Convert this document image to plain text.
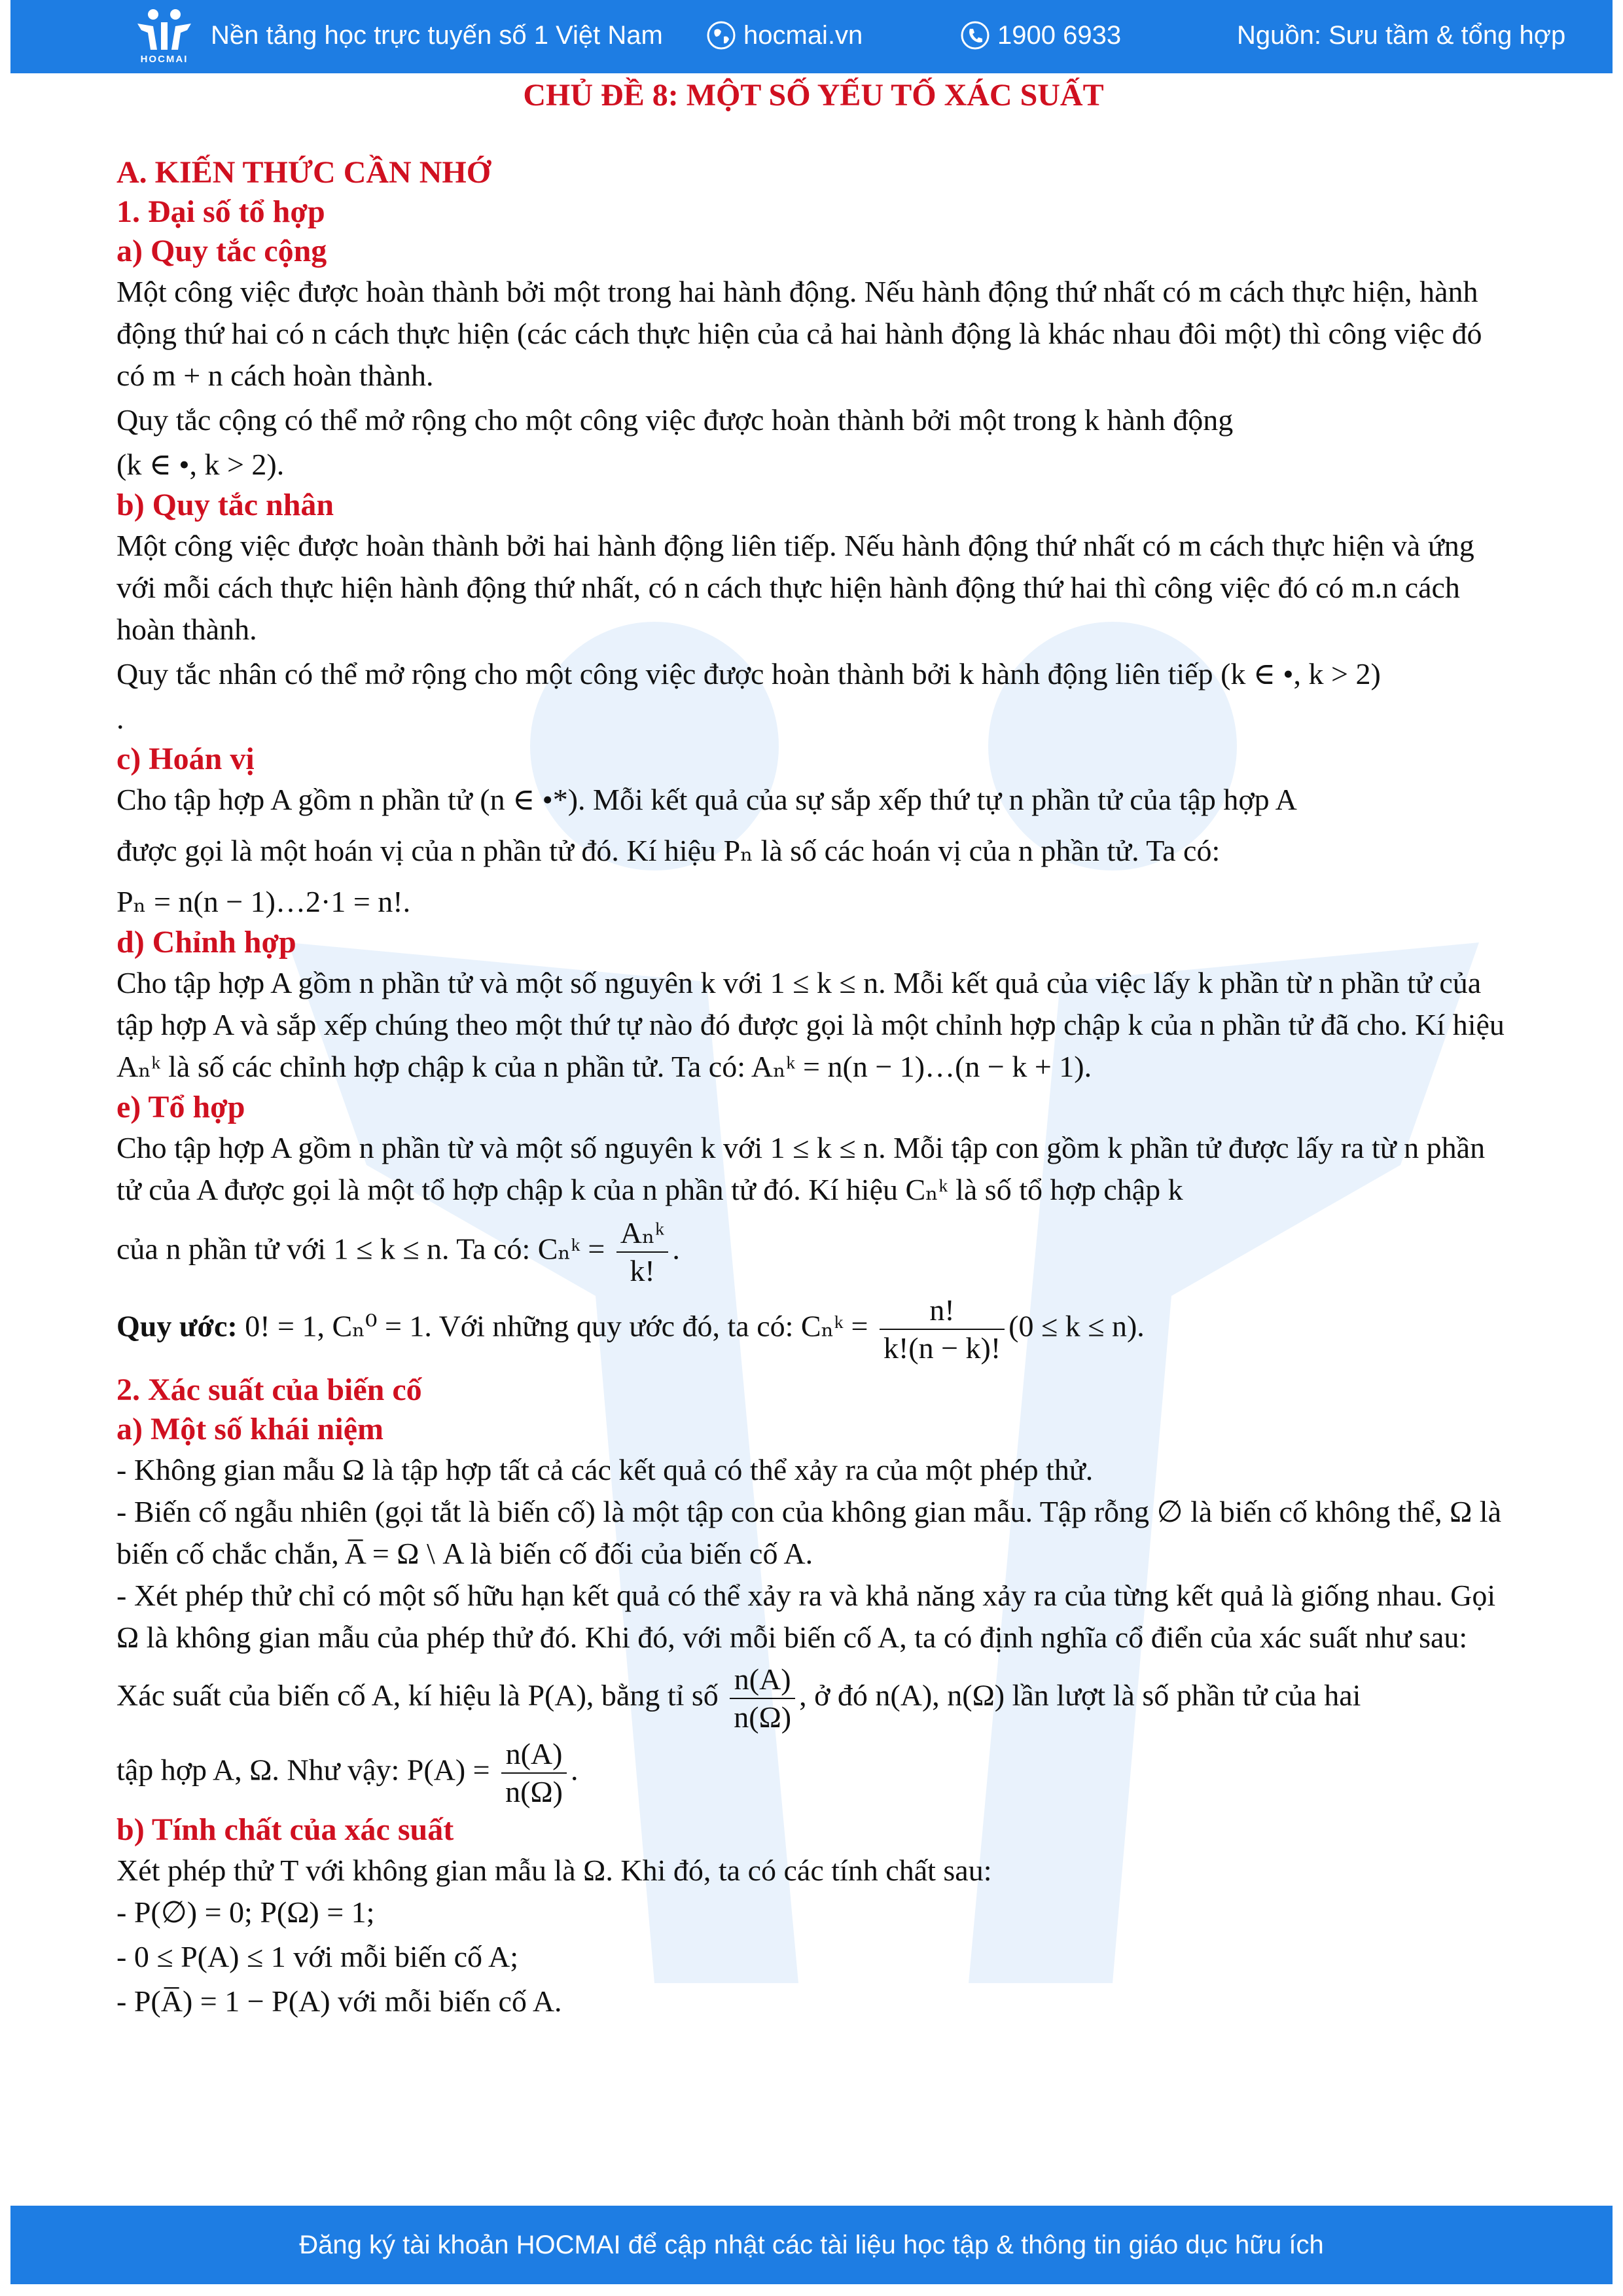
HOCMAI
Nền tảng học trực tuyến số 1 Việt Nam	hocmai.vn	1900 6933	Nguồn: Sưu tầm & tổng hợp

CHỦ ĐỀ 8: MỘT SỐ YẾU TỐ XÁC SUẤT

A. KIẾN THỨC CẦN NHỚ

1. Đại số tổ hợp

a) Quy tắc cộng

Một công việc được hoàn thành bởi một trong hai hành động. Nếu hành động thứ nhất có m cách thực hiện, hành động thứ hai có n cách thực hiện (các cách thực hiện của cả hai hành động là khác nhau đôi một) thì công việc đó có m + n cách hoàn thành.

Quy tắc cộng có thể mở rộng cho một công việc được hoàn thành bởi một trong k hành động

(k ∈ •, k > 2).

b) Quy tắc nhân

Một công việc được hoàn thành bởi hai hành động liên tiếp. Nếu hành động thứ nhất có m cách thực hiện và ứng với mỗi cách thực hiện hành động thứ nhất, có n cách thực hiện hành động thứ hai thì công việc đó có m.n cách hoàn thành.

Quy tắc nhân có thể mở rộng cho một công việc được hoàn thành bởi k hành động liên tiếp (k ∈ •, k > 2)

.

c) Hoán vị

Cho tập hợp A gồm n phần tử (n ∈ •*). Mỗi kết quả của sự sắp xếp thứ tự n phần tử của tập hợp A

được gọi là một hoán vị của n phần tử đó. Kí hiệu Pₙ là số các hoán vị của n phần tử. Ta có:

Pₙ = n(n − 1)…2·1 = n!.

d) Chỉnh hợp

Cho tập hợp A gồm n phần tử và một số nguyên k với 1 ≤ k ≤ n. Mỗi kết quả của việc lấy k phần từ n phần tử của tập hợp A và sắp xếp chúng theo một thứ tự nào đó được gọi là một chỉnh hợp chập k của n phần tử đã cho. Kí hiệu Aₙᵏ là số các chỉnh hợp chập k của n phần tử. Ta có: Aₙᵏ = n(n − 1)…(n − k + 1).

e) Tổ hợp

Cho tập hợp A gồm n phần từ và một số nguyên k với 1 ≤ k ≤ n. Mỗi tập con gồm k phần tử được lấy ra từ n phần tử của A được gọi là một tổ hợp chập k của n phần tử đó. Kí hiệu Cₙᵏ là số tổ hợp chập k

của n phần tử với 1 ≤ k ≤ n. Ta có: Cₙᵏ = $\frac{\text{Aₙᵏ}}{k!}$ .

Quy ước: 0! = 1, Cₙ⁰ = 1. Với những quy ước đó, ta có: Cₙᵏ = $\frac{n!}{k!(n - k)!} (0 \le k \le n)$.

2. Xác suất của biến cố

a) Một số khái niệm

- Không gian mẫu Ω là tập hợp tất cả các kết quả có thể xảy ra của một phép thử.

- Biến cố ngẫu nhiên (gọi tắt là biến cố) là một tập con của không gian mẫu. Tập rỗng ∅ là biến cố không thể, Ω là biến cố chắc chắn, A̅ = Ω \ A là biến cố đối của biến cố A.

- Xét phép thử chỉ có một số hữu hạn kết quả có thể xảy ra và khả năng xảy ra của từng kết quả là giống nhau. Gọi Ω là không gian mẫu của phép thử đó. Khi đó, với mỗi biến cố A, ta có định nghĩa cổ điển của xác suất như sau:

Xác suất của biến cố A, kí hiệu là P(A), bằng tỉ số $\frac{n(A)}{n(\Omega)}$ , ở đó n(A), n(Ω) lần lượt là số phần tử của hai

tập hợp A, Ω. Như vậy: $P(A) = \frac{n(A)}{n(\Omega)}$ .

b) Tính chất của xác suất

Xét phép thử T với không gian mẫu là Ω. Khi đó, ta có các tính chất sau:

- P(∅) = 0; P(Ω) = 1;

- 0 ≤ P(A) ≤ 1 với mỗi biến cố A;

- P(A̅) = 1 − P(A) với mỗi biến cố A.

Đăng ký tài khoản HOCMAI để cập nhật các tài liệu học tập & thông tin giáo dục hữu ích
